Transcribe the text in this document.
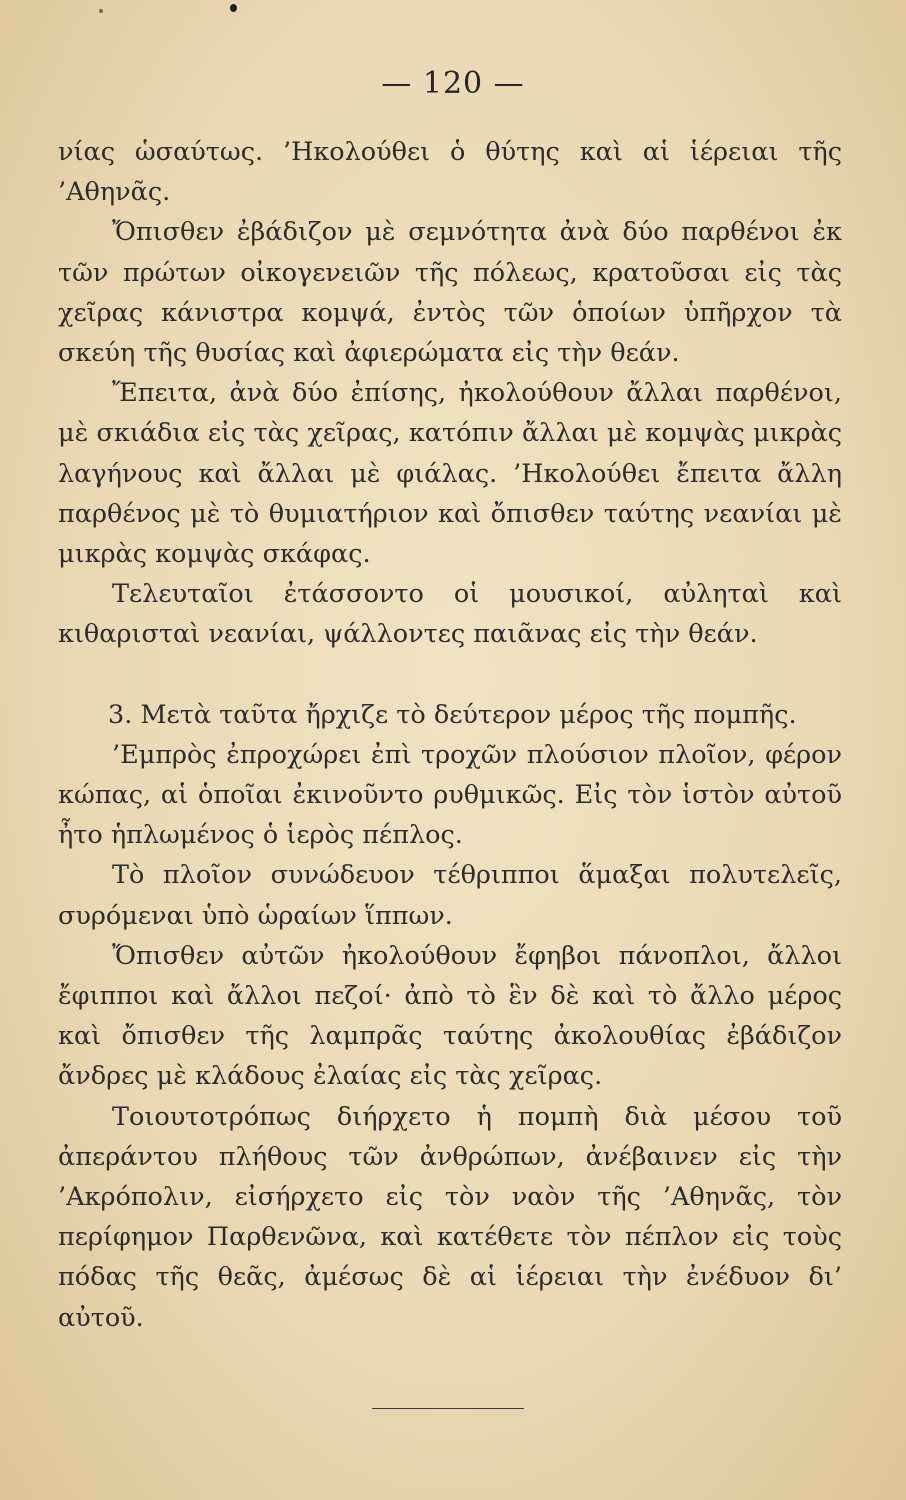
— 120 —

νίας ὡσαύτως. ’Ηκολούθει ὁ θύτης καὶ αἱ ἱέρειαι τῆς ’Αθηνᾶς.

Ὄπισθεν ἐβάδιζον μὲ σεμνότητα ἀνὰ δύο παρθένοι ἐκ τῶν πρώτων οἰκογενειῶν τῆς πόλεως, κρατοῦσαι εἰς τὰς χεῖρας κάνιστρα κομψά, ἐντὸς τῶν ὁποίων ὑπῆρχον τὰ σκεύη τῆς θυσίας καὶ ἀφιερώματα εἰς τὴν θεάν.

Ἔπειτα, ἀνὰ δύο ἐπίσης, ἠκολούθουν ἄλλαι παρθένοι, μὲ σκιάδια εἰς τὰς χεῖρας, κατόπιν ἄλλαι μὲ κομψὰς μικρὰς λαγήνους καὶ ἄλλαι μὲ φιάλας. ’Ηκολούθει ἔπειτα ἄλλη παρθένος μὲ τὸ θυμιατήριον καὶ ὄπισθεν ταύτης νεανίαι μὲ μικρὰς κομψὰς σκάφας.

Τελευταῖοι ἐτάσσοντο οἱ μουσικοί, αὐληταὶ καὶ κιθαρισταὶ νεανίαι, ψάλλοντες παιᾶνας εἰς τὴν θεάν.

3. Μετὰ ταῦτα ἤρχιζε τὸ δεύτερον μέρος τῆς πομπῆς.

’Εμπρὸς ἐπροχώρει ἐπὶ τροχῶν πλούσιον πλοῖον, φέρον κώπας, αἱ ὁποῖαι ἐκινοῦντο ρυθμικῶς. Εἰς τὸν ἱστὸν αὐτοῦ ἦτο ἡπλωμένος ὁ ἱερὸς πέπλος.

Τὸ πλοῖον συνώδευον τέθριπποι ἅμαξαι πολυτελεῖς, συρόμεναι ὑπὸ ὡραίων ἵππων.

Ὄπισθεν αὐτῶν ἠκολούθουν ἔφηβοι πάνοπλοι, ἄλλοι ἔφιπποι καὶ ἄλλοι πεζοί· ἀπὸ τὸ ἓν δὲ καὶ τὸ ἄλλο μέρος καὶ ὄπισθεν τῆς λαμπρᾶς ταύτης ἀκολουθίας ἐβάδιζον ἄνδρες μὲ κλάδους ἐλαίας εἰς τὰς χεῖρας.

Τοιουτοτρόπως διήρχετο ἡ πομπὴ διὰ μέσου τοῦ ἀπεράντου πλήθους τῶν ἀνθρώπων, ἀνέβαινεν εἰς τὴν ’Ακρόπολιν, εἰσήρχετο εἰς τὸν ναὸν τῆς ’Αθηνᾶς, τὸν περίφημον Παρθενῶνα, καὶ κατέθετε τὸν πέπλον εἰς τοὺς πόδας τῆς θεᾶς, ἀμέσως δὲ αἱ ἱέρειαι τὴν ἐνέδυον δι’ αὐτοῦ.
